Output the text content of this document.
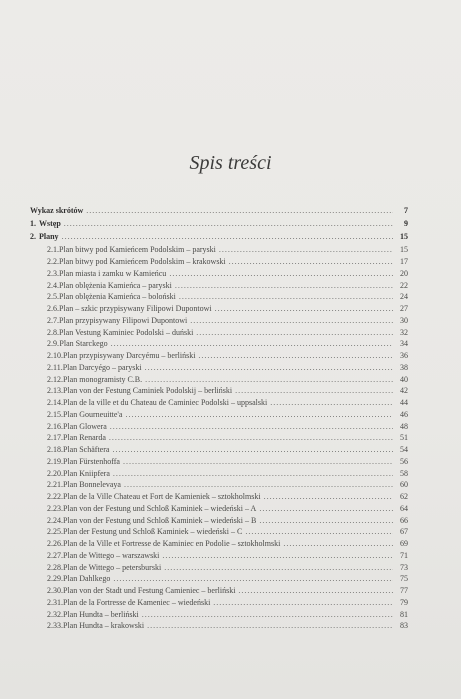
Spis treści
Wykaz skrótów .....	7
1. Wstęp .....	9
2. Plany .....	15
2.1. Plan bitwy pod Kamieńcem Podolskim – paryski .....	15
2.2. Plan bitwy pod Kamieńcem Podolskim – krakowski .....	17
2.3. Plan miasta i zamku w Kamieńcu .....	20
2.4. Plan oblężenia Kamieńca – paryski .....	22
2.5. Plan oblężenia Kamieńca – boloński .....	24
2.6. Plan – szkic przypisywany Filipowi Dupontowi .....	27
2.7. Plan przypisywany Filipowi Dupontowi .....	30
2.8. Plan Vestung Kaminiec Podolski – duński .....	32
2.9. Plan Starckego .....	34
2.10. Plan przypisywany Darcyému – berliński .....	36
2.11. Plan Darcyégo – paryski .....	38
2.12. Plan monogramisty C.B. .....	40
2.13. Plan von der Festung Caminiek Podolskij – berliński .....	42
2.14. Plan de la ville et du Chateau de Caminiec Podolski – uppsalski .....	44
2.15. Plan Gourneuitte'a .....	46
2.16. Plan Glowera .....	48
2.17. Plan Renarda .....	51
2.18. Plan Schäftera .....	54
2.19. Plan Fürstenhoffa .....	56
2.20. Plan Kniipfera .....	58
2.21. Plan Bonnelevaya .....	60
2.22. Plan de la Ville Chateau et Fort de Kamieniek – sztokholmski .....	62
2.23. Plan von der Festung und Schloß Kaminiek – wiedeński – A .....	64
2.24. Plan von der Festung und Schloß Kaminiek – wiedeński – B .....	66
2.25. Plan der Festung und Schloß Kaminiek – wiedeński – C .....	67
2.26. Plan de la Ville et Fortresse de Kaminiec en Podolie – sztokholmski .....	69
2.27. Plan de Wittego – warszawski .....	71
2.28. Plan de Wittego – petersburski .....	73
2.29. Plan Dahlkego .....	75
2.30. Plan von der Stadt und Festung Camieniec – berliński .....	77
2.31. Plan de la Fortresse de Kameniec – wiedeński .....	79
2.32. Plan Hundta – berliński .....	81
2.33. Plan Hundta – krakowski .....	83
